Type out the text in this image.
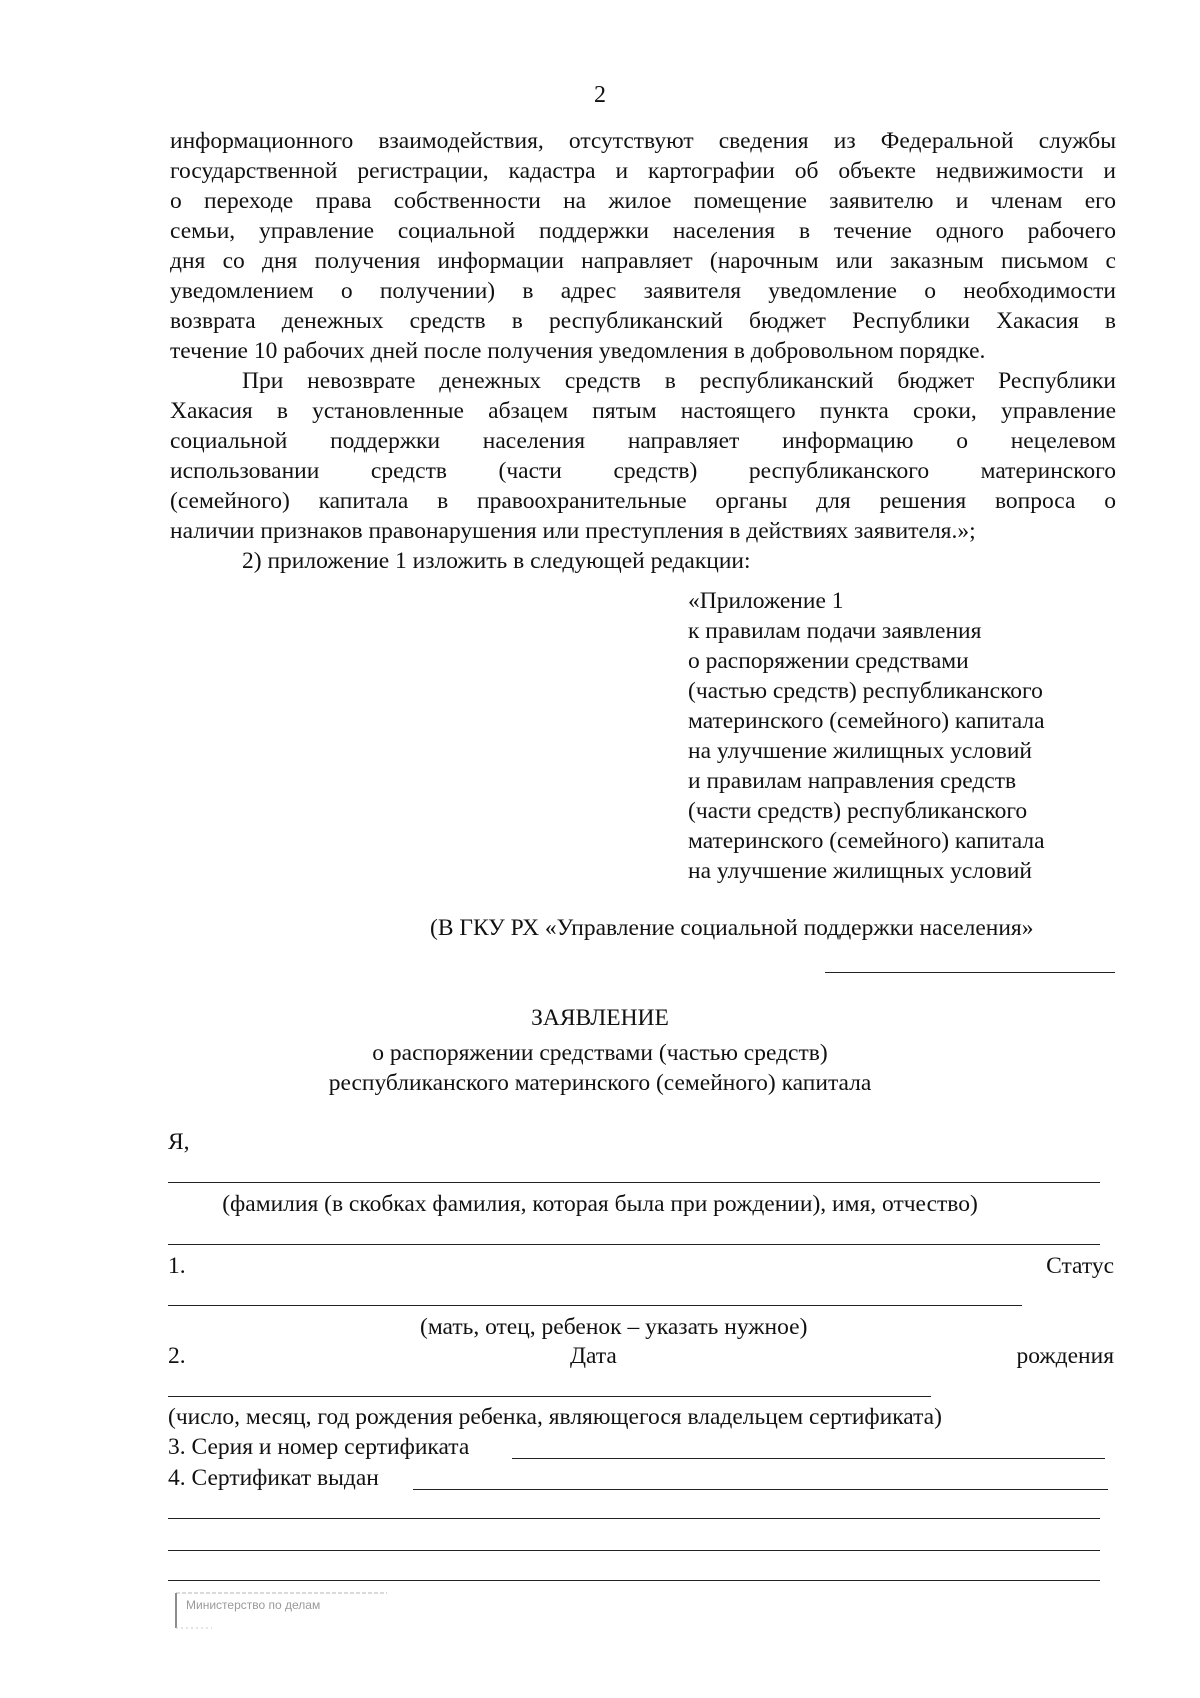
2
информационного взаимодействия, отсутствуют сведения из Федеральной службы
государственной регистрации, кадастра и картографии об объекте недвижимости и
о переходе права собственности на жилое помещение заявителю и членам его
семьи, управление социальной поддержки населения в течение одного рабочего
дня со дня получения информации направляет (нарочным или заказным письмом с
уведомлением о получении) в адрес заявителя уведомление о необходимости
возврата денежных средств в республиканский бюджет Республики Хакасия в
течение 10 рабочих дней после получения уведомления в добровольном порядке.
При невозврате денежных средств в республиканский бюджет Республики
Хакасия в установленные абзацем пятым настоящего пункта сроки, управление
социальной поддержки населения направляет информацию о нецелевом
использовании средств (части средств) республиканского материнского
(семейного) капитала в правоохранительные органы для решения вопроса о
наличии признаков правонарушения или преступления в действиях заявителя.»;
2) приложение 1 изложить в следующей редакции:
«Приложение 1
к правилам подачи заявления
о распоряжении средствами
(частью средств) республиканского
материнского (семейного) капитала
на улучшение жилищных условий
и правилам направления средств
(части средств) республиканского
материнского (семейного) капитала
на улучшение жилищных условий
(В ГКУ РХ «Управление социальной поддержки населения»
ЗАЯВЛЕНИЕ
о распоряжении средствами (частью средств)
республиканского материнского (семейного) капитала
Я,
(фамилия (в скобках фамилия, которая была при рождении), имя, отчество)
1.	Статус
(мать, отец, ребенок – указать нужное)
2.	Дата	рождения
(число, месяц, год рождения ребенка, являющегося владельцем сертификата)
3. Серия и номер сертификата
4. Сертификат выдан
Министерство по делам
